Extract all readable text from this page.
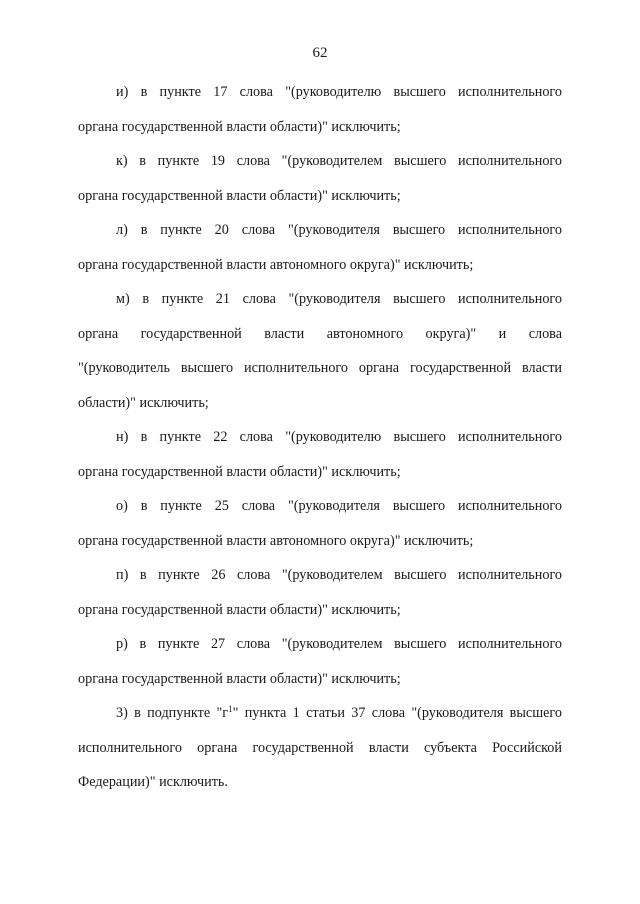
62
и) в пункте 17 слова "(руководителю высшего исполнительного
органа государственной власти области)" исключить;
к) в пункте 19 слова "(руководителем высшего исполнительного
органа государственной власти области)" исключить;
л) в пункте 20 слова "(руководителя высшего исполнительного
органа государственной власти автономного округа)" исключить;
м) в пункте 21 слова "(руководителя высшего исполнительного
органа государственной власти автономного округа)" и слова
"(руководитель высшего исполнительного органа государственной власти
области)" исключить;
н) в пункте 22 слова "(руководителю высшего исполнительного
органа государственной власти области)" исключить;
о) в пункте 25 слова "(руководителя высшего исполнительного
органа государственной власти автономного округа)" исключить;
п) в пункте 26 слова "(руководителем высшего исполнительного
органа государственной власти области)" исключить;
р) в пункте 27 слова "(руководителем высшего исполнительного
органа государственной власти области)" исключить;
3) в подпункте "$г^1$" пункта 1 статьи 37 слова "(руководителя высшего
исполнительного органа государственной власти субъекта Российской
Федерации)" исключить.
